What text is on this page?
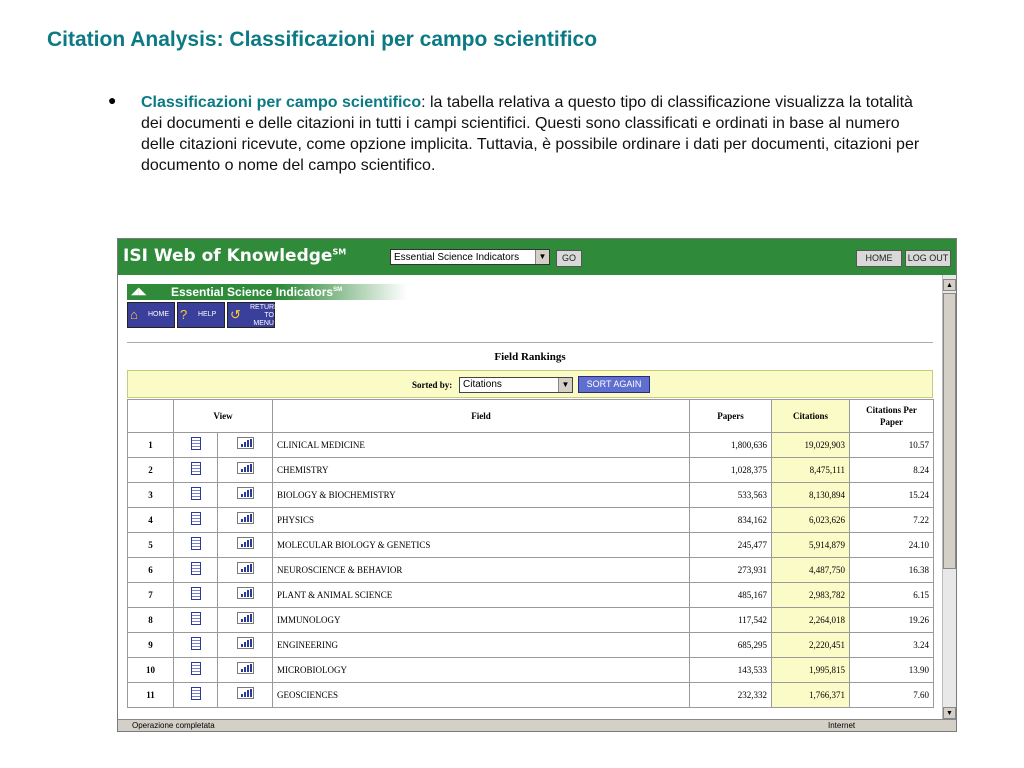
Citation Analysis: Classificazioni per campo scientifico
● Classificazioni per campo scientifico: la tabella relativa a questo tipo di classificazione visualizza la totalità dei documenti e delle citazioni in tutti i campi scientifici. Questi sono classificati e ordinati in base al numero delle citazioni ricevute, come opzione implicita. Tuttavia, è possibile ordinare i dati per documenti, citazioni per documento o nome del campo scientifico.
ISI Web of Knowledge℠
Essential Science Indicators	▼	GO	HOME	LOG OUT
◢◣ Essential Science Indicators℠
⌂ HOME ? HELP ↺ RETURN TO MENU
Field Rankings
Sorted by:	Citations	▼	SORT AGAIN
	View		Field	Papers	Citations	Citations Per Paper
1			CLINICAL MEDICINE	1,800,636	19,029,903	10.57
2			CHEMISTRY	1,028,375	8,475,111	8.24
3			BIOLOGY & BIOCHEMISTRY	533,563	8,130,894	15.24
4			PHYSICS	834,162	6,023,626	7.22
5			MOLECULAR BIOLOGY & GENETICS	245,477	5,914,879	24.10
6			NEUROSCIENCE & BEHAVIOR	273,931	4,487,750	16.38
7			PLANT & ANIMAL SCIENCE	485,167	2,983,782	6.15
8			IMMUNOLOGY	117,542	2,264,018	19.26
9			ENGINEERING	685,295	2,220,451	3.24
10			MICROBIOLOGY	143,533	1,995,815	13.90
11			GEOSCIENCES	232,332	1,766,371	7.60
▲
▼
Operazione completata	Internet
